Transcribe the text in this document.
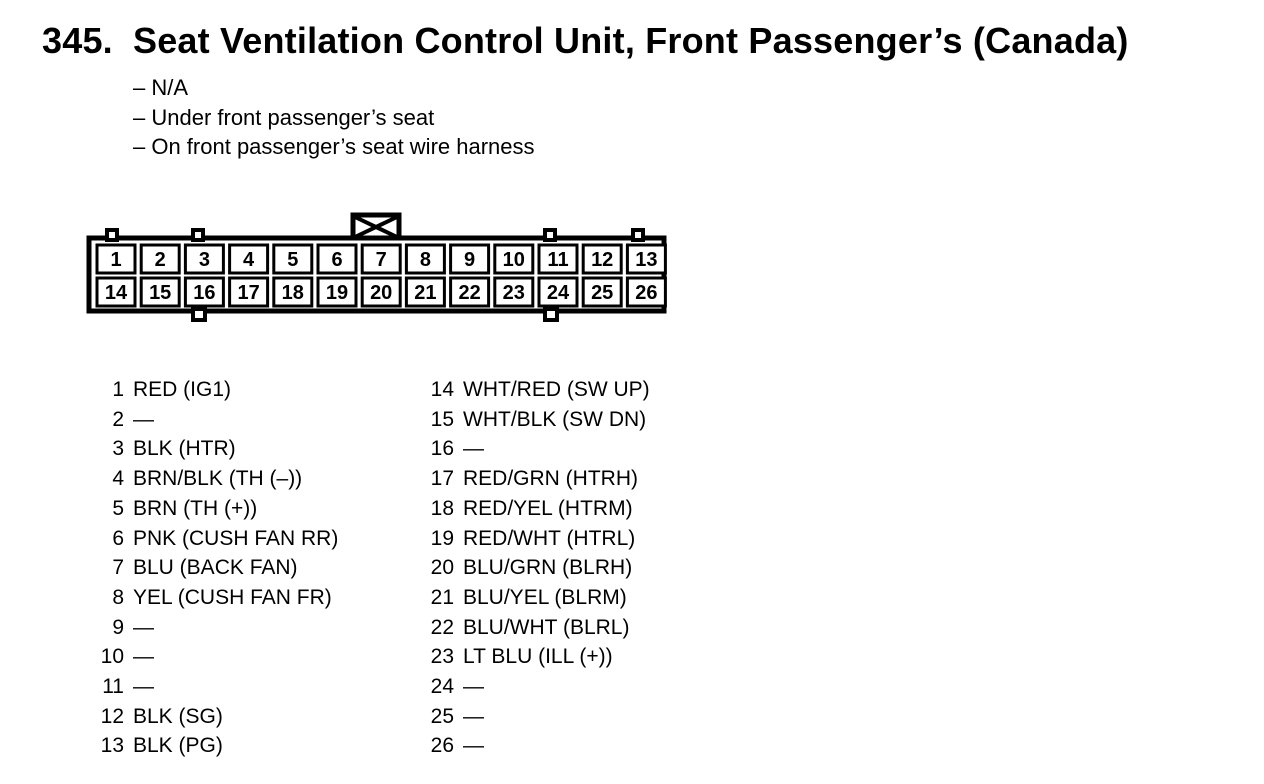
345. Seat Ventilation Control Unit, Front Passenger’s (Canada)
– N/A
– Under front passenger’s seat
– On front passenger’s seat wire harness
1 2 3 4 5 6 7 8 9 10 11 12 13
14 15 16 17 18 19 20 21 22 23 24 25 26
1 RED (IG1)
2 —
3 BLK (HTR)
4 BRN/BLK (TH (–))
5 BRN (TH (+))
6 PNK (CUSH FAN RR)
7 BLU (BACK FAN)
8 YEL (CUSH FAN FR)
9 —
10 —
11 —
12 BLK (SG)
13 BLK (PG)
14 WHT/RED (SW UP)
15 WHT/BLK (SW DN)
16 —
17 RED/GRN (HTRH)
18 RED/YEL (HTRM)
19 RED/WHT (HTRL)
20 BLU/GRN (BLRH)
21 BLU/YEL (BLRM)
22 BLU/WHT (BLRL)
23 LT BLU (ILL (+))
24 —
25 —
26 —
